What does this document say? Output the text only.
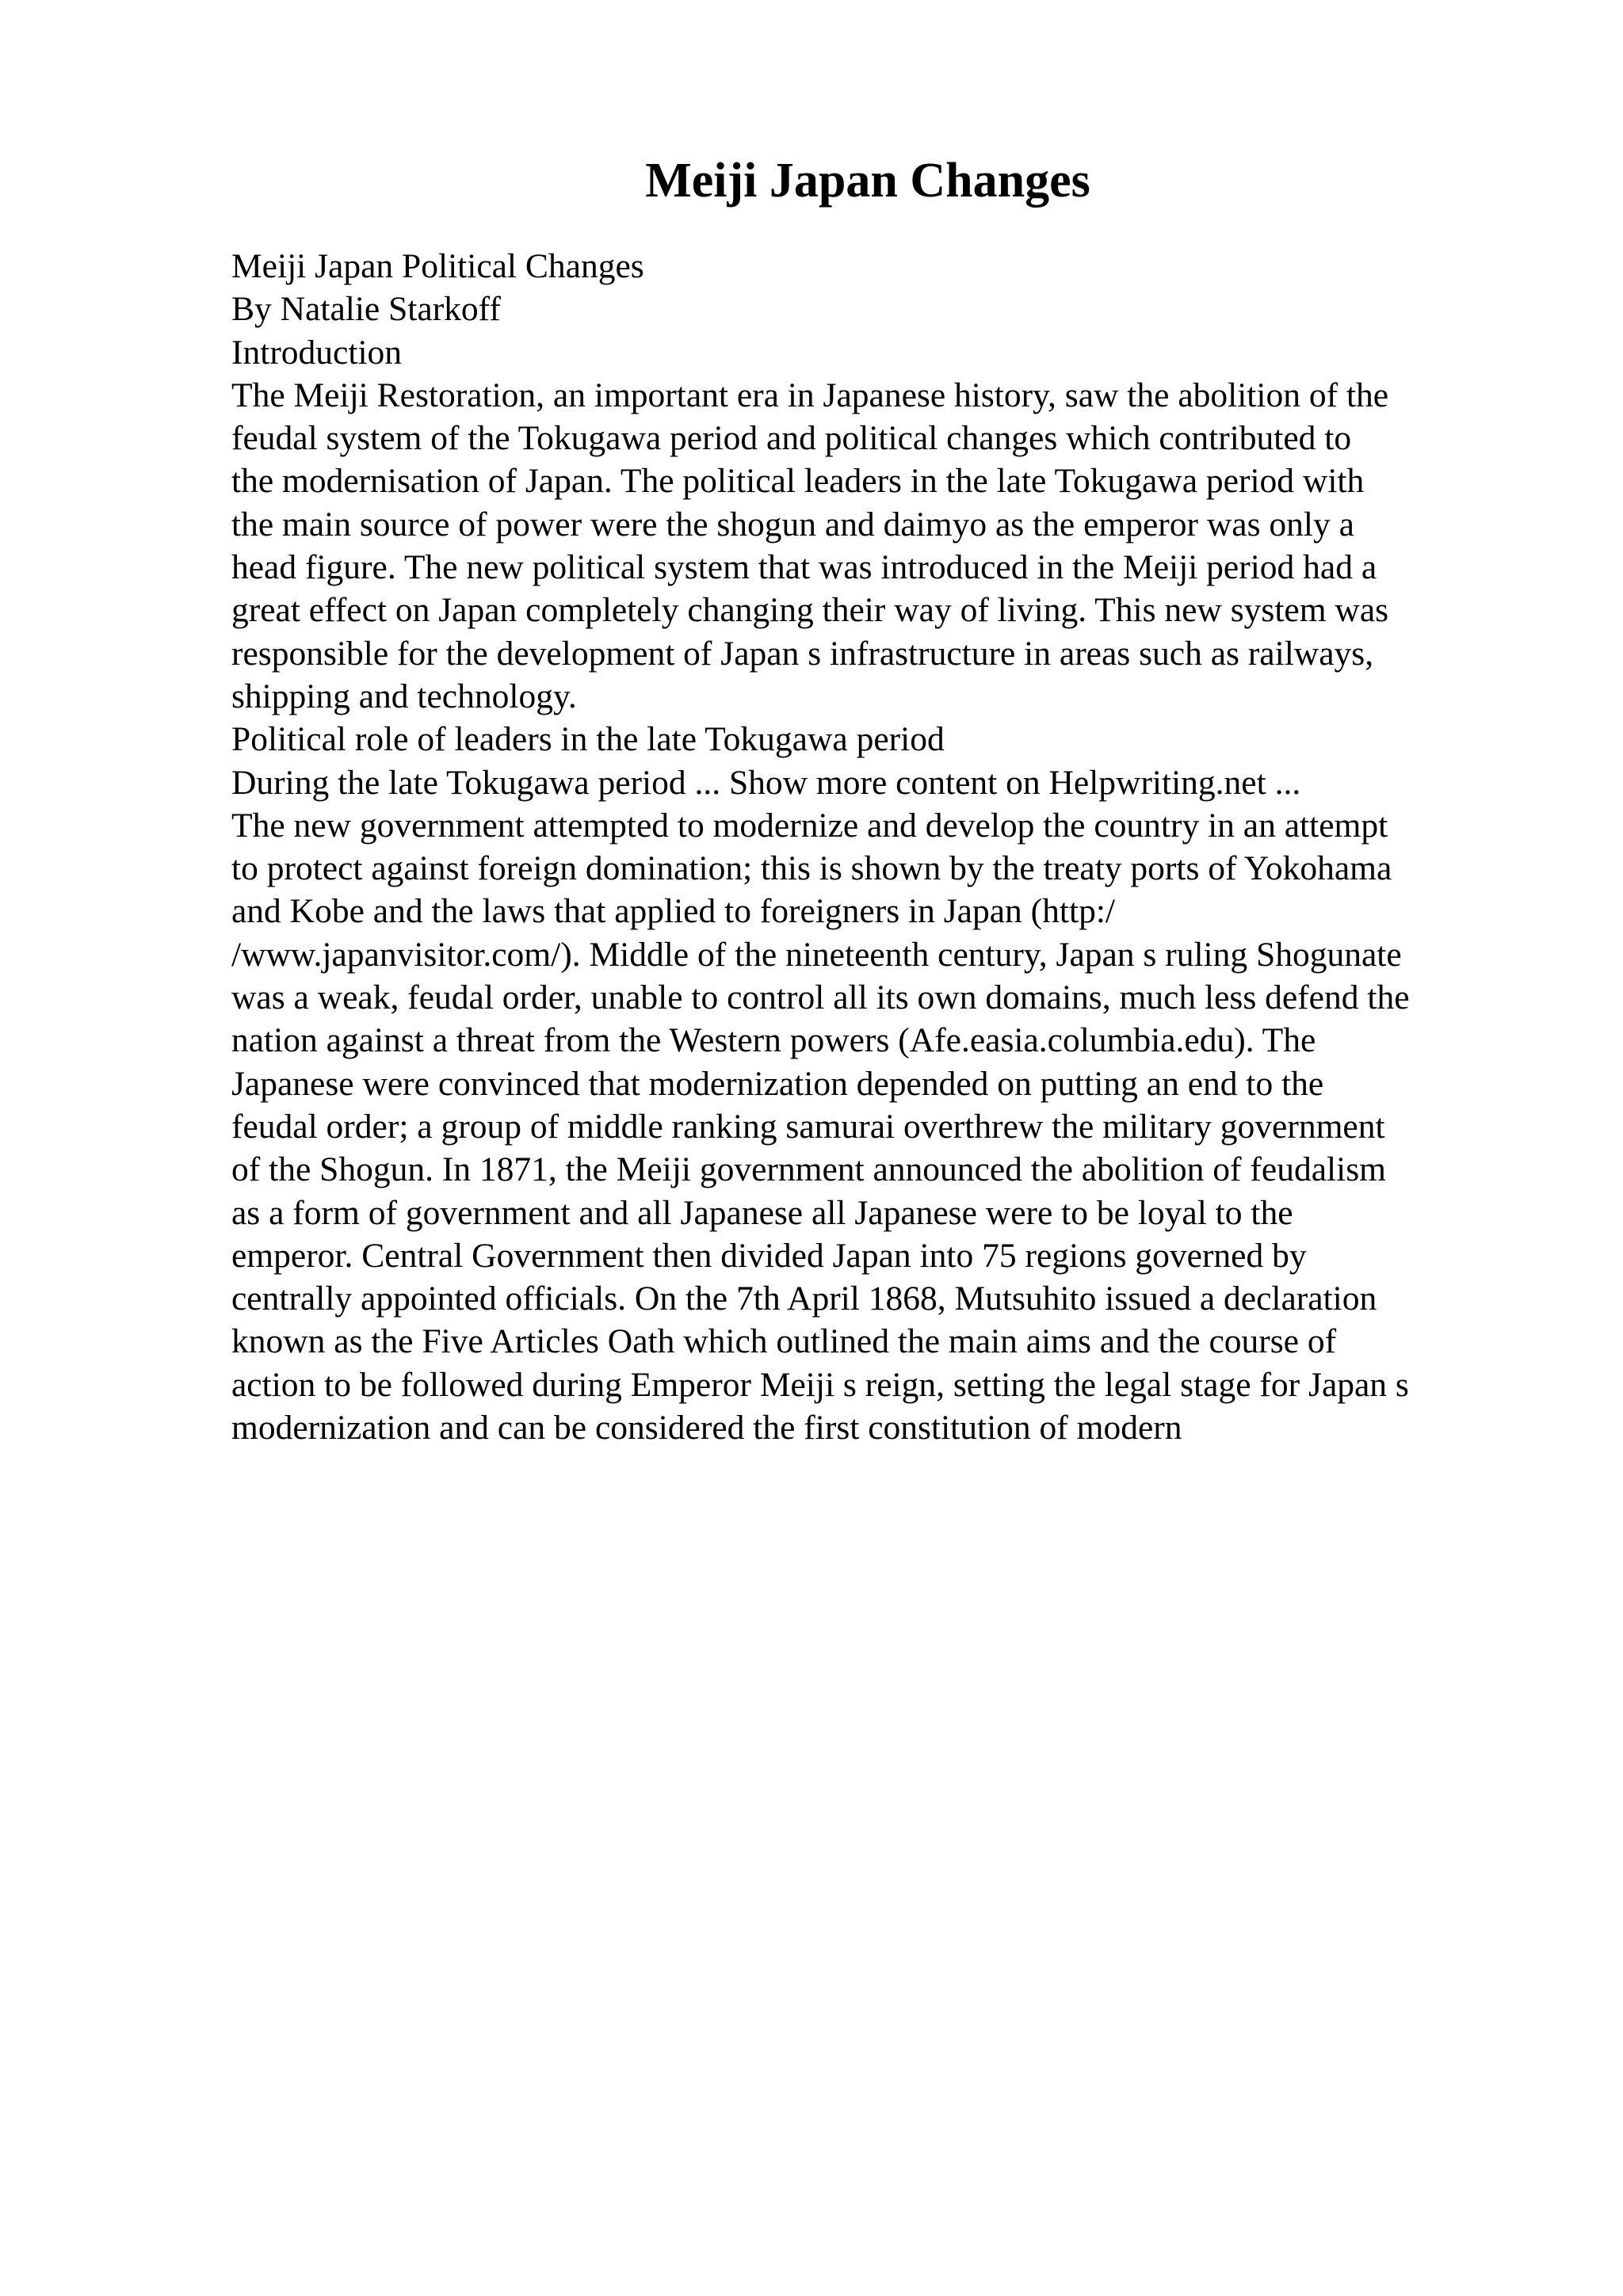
Meiji Japan Changes
Meiji Japan Political Changes
By Natalie Starkoff
Introduction
The Meiji Restoration, an important era in Japanese history, saw the abolition of the
feudal system of the Tokugawa period and political changes which contributed to
the modernisation of Japan. The political leaders in the late Tokugawa period with
the main source of power were the shogun and daimyo as the emperor was only a
head figure. The new political system that was introduced in the Meiji period had a
great effect on Japan completely changing their way of living. This new system was
responsible for the development of Japan s infrastructure in areas such as railways,
shipping and technology.
Political role of leaders in the late Tokugawa period
During the late Tokugawa period ... Show more content on Helpwriting.net ...
The new government attempted to modernize and develop the country in an attempt
to protect against foreign domination; this is shown by the treaty ports of Yokohama
and Kobe and the laws that applied to foreigners in Japan (http:/
/www.japanvisitor.com/). Middle of the nineteenth century, Japan s ruling Shogunate
was a weak, feudal order, unable to control all its own domains, much less defend the
nation against a threat from the Western powers (Afe.easia.columbia.edu). The
Japanese were convinced that modernization depended on putting an end to the
feudal order; a group of middle ranking samurai overthrew the military government
of the Shogun. In 1871, the Meiji government announced the abolition of feudalism
as a form of government and all Japanese all Japanese were to be loyal to the
emperor. Central Government then divided Japan into 75 regions governed by
centrally appointed officials. On the 7th April 1868, Mutsuhito issued a declaration
known as the Five Articles Oath which outlined the main aims and the course of
action to be followed during Emperor Meiji s reign, setting the legal stage for Japan s
modernization and can be considered the first constitution of modern
